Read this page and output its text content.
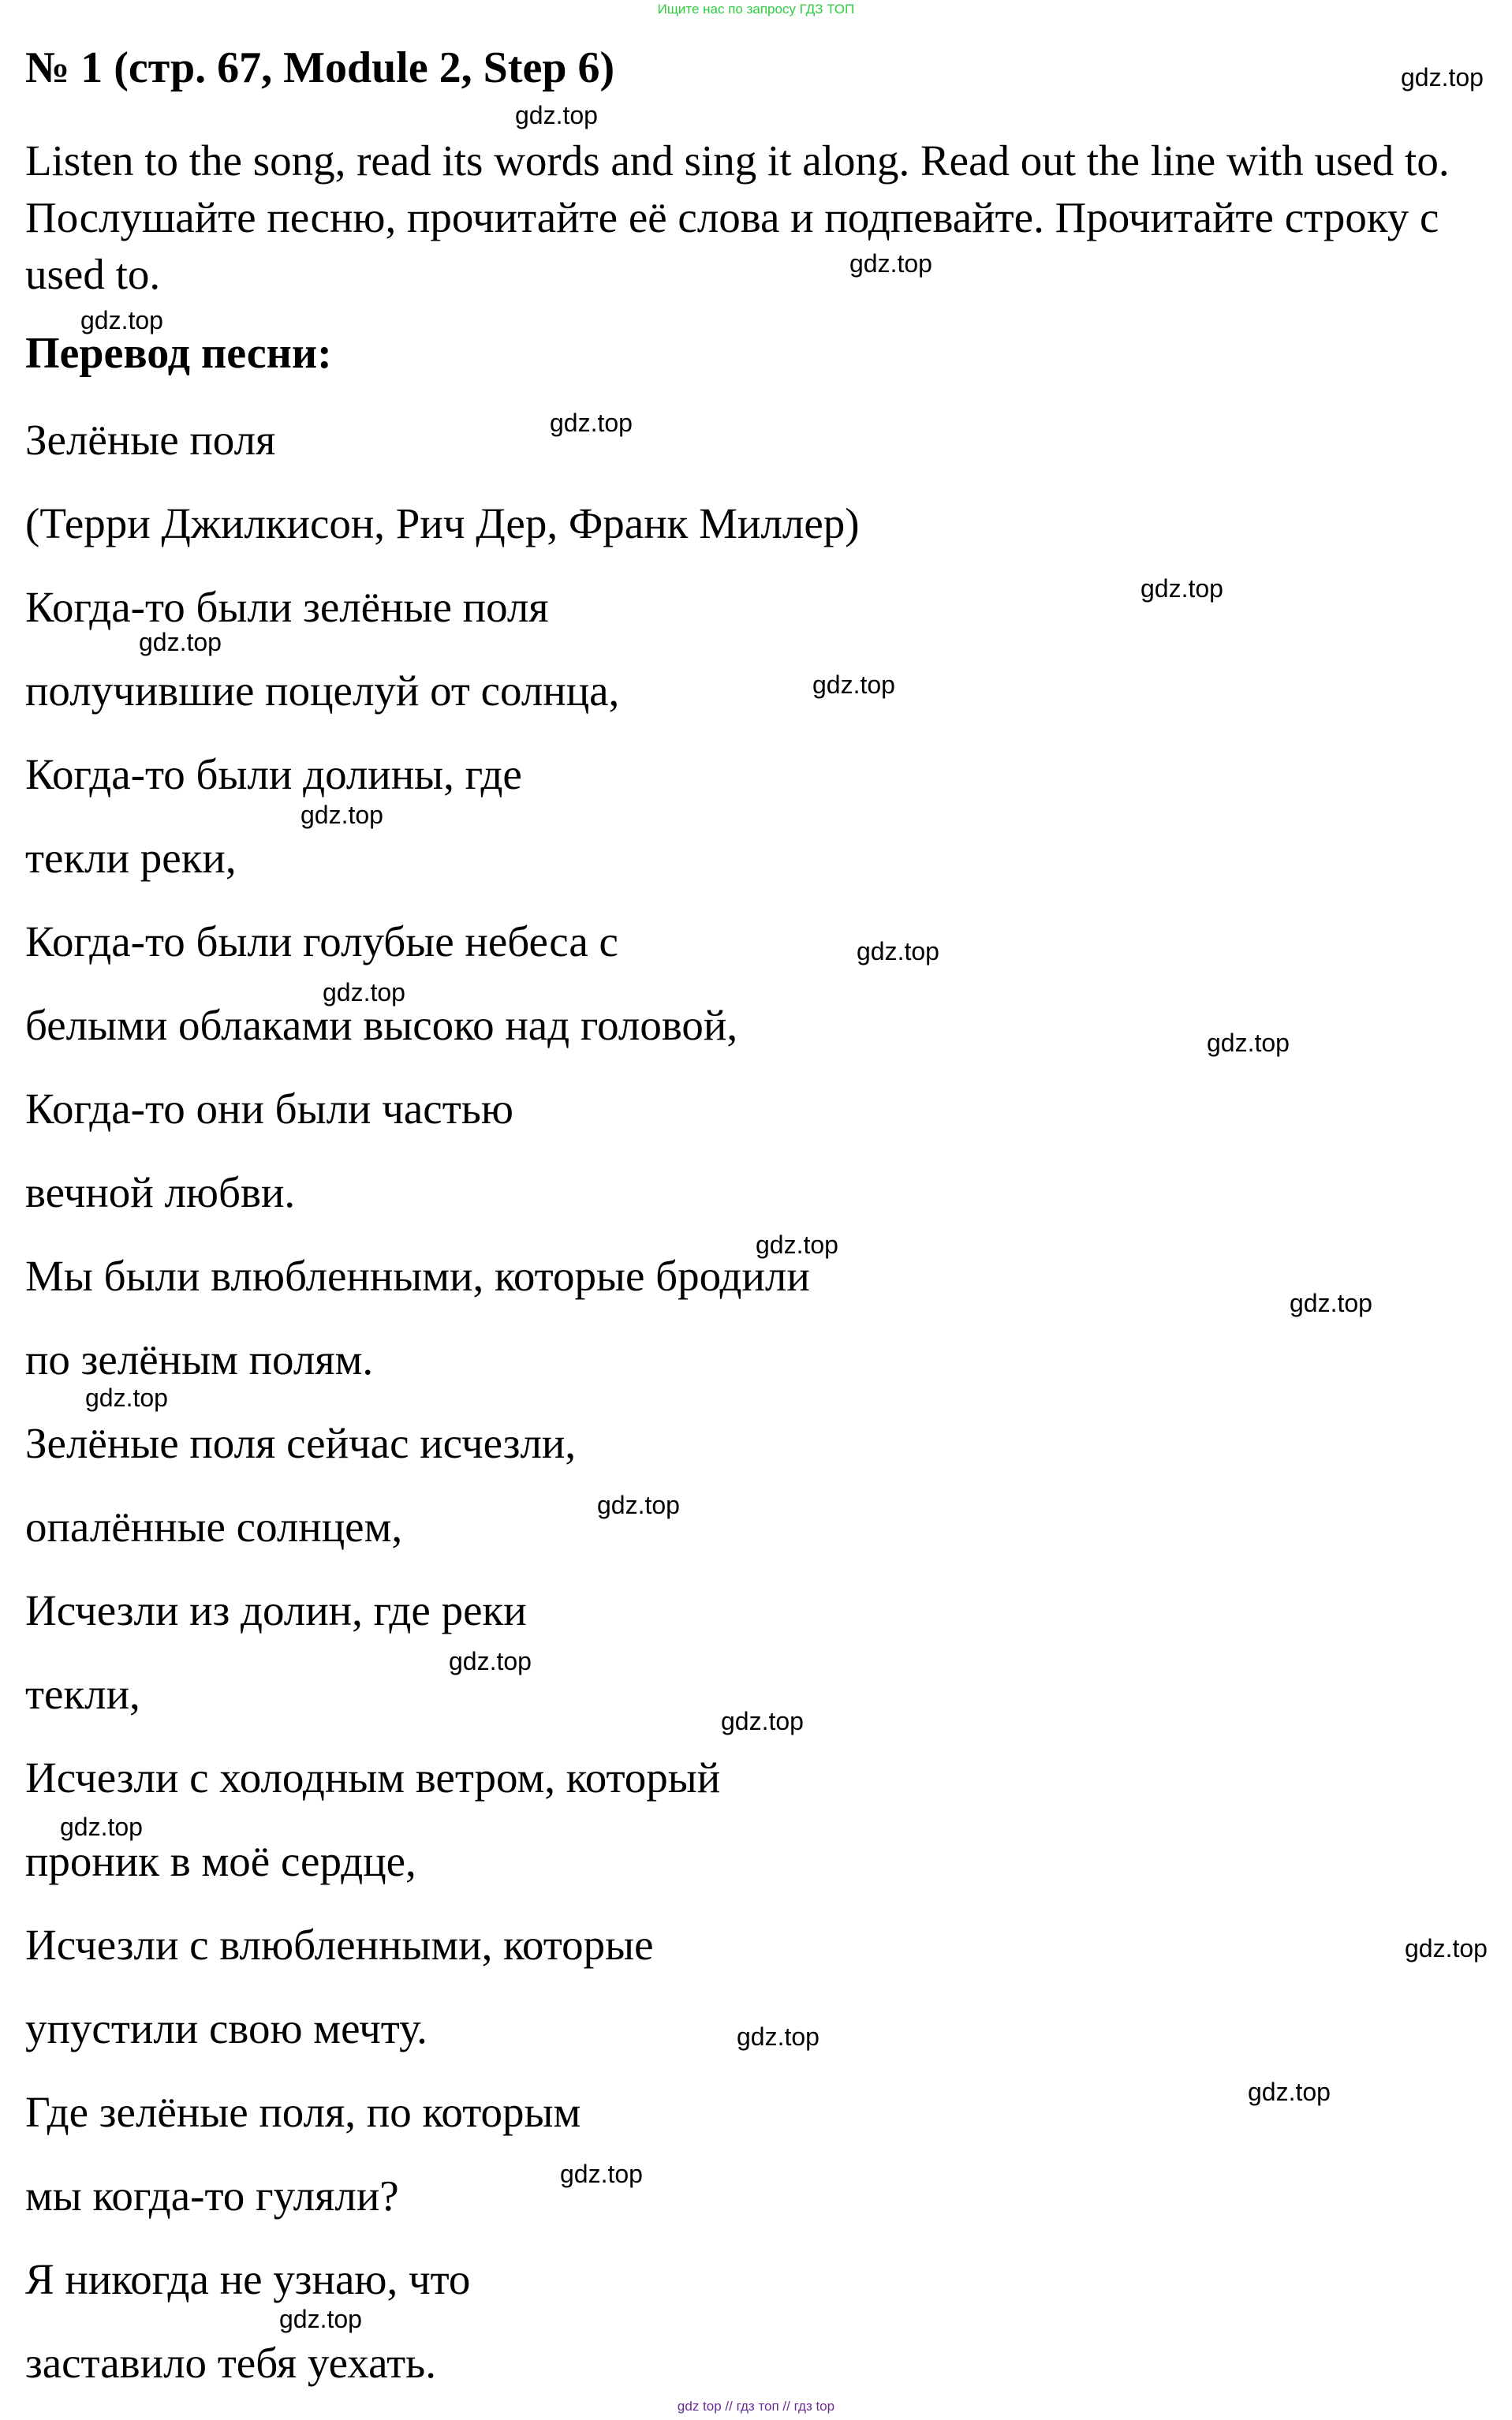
Ищите нас по запросу ГДЗ ТОП
№ 1 (стр. 67, Module 2, Step 6)

Listen to the song, read its words and sing it along. Read out the line with used to. Послушайте песню, прочитайте её слова и подпевайте. Прочитайте строку с used to.

Перевод песни:

Зелёные поля

(Терри Джилкисон, Рич Дер, Франк Миллер)

Когда-то были зелёные поля

получившие поцелуй от солнца,

Когда-то были долины, где

текли реки,

Когда-то были голубые небеса с

белыми облаками высоко над головой,

Когда-то они были частью

вечной любви.

Мы были влюбленными, которые бродили

по зелёным полям.

Зелёные поля сейчас исчезли,

опалённые солнцем,

Исчезли из долин, где реки

текли,

Исчезли с холодным ветром, который

проник в моё сердце,

Исчезли с влюбленными, которые

упустили свою мечту.

Где зелёные поля, по которым

мы когда-то гуляли?

Я никогда не узнаю, что

заставило тебя уехать.

gdz.top
gdz.top
gdz.top
gdz.top
gdz.top
gdz.top
gdz.top
gdz.top
gdz.top
gdz.top
gdz.top
gdz.top
gdz.top
gdz.top
gdz.top
gdz.top
gdz.top
gdz.top
gdz.top
gdz.top
gdz.top
gdz.top
gdz.top
gdz.top
gdz top // гдз топ // гдз top
